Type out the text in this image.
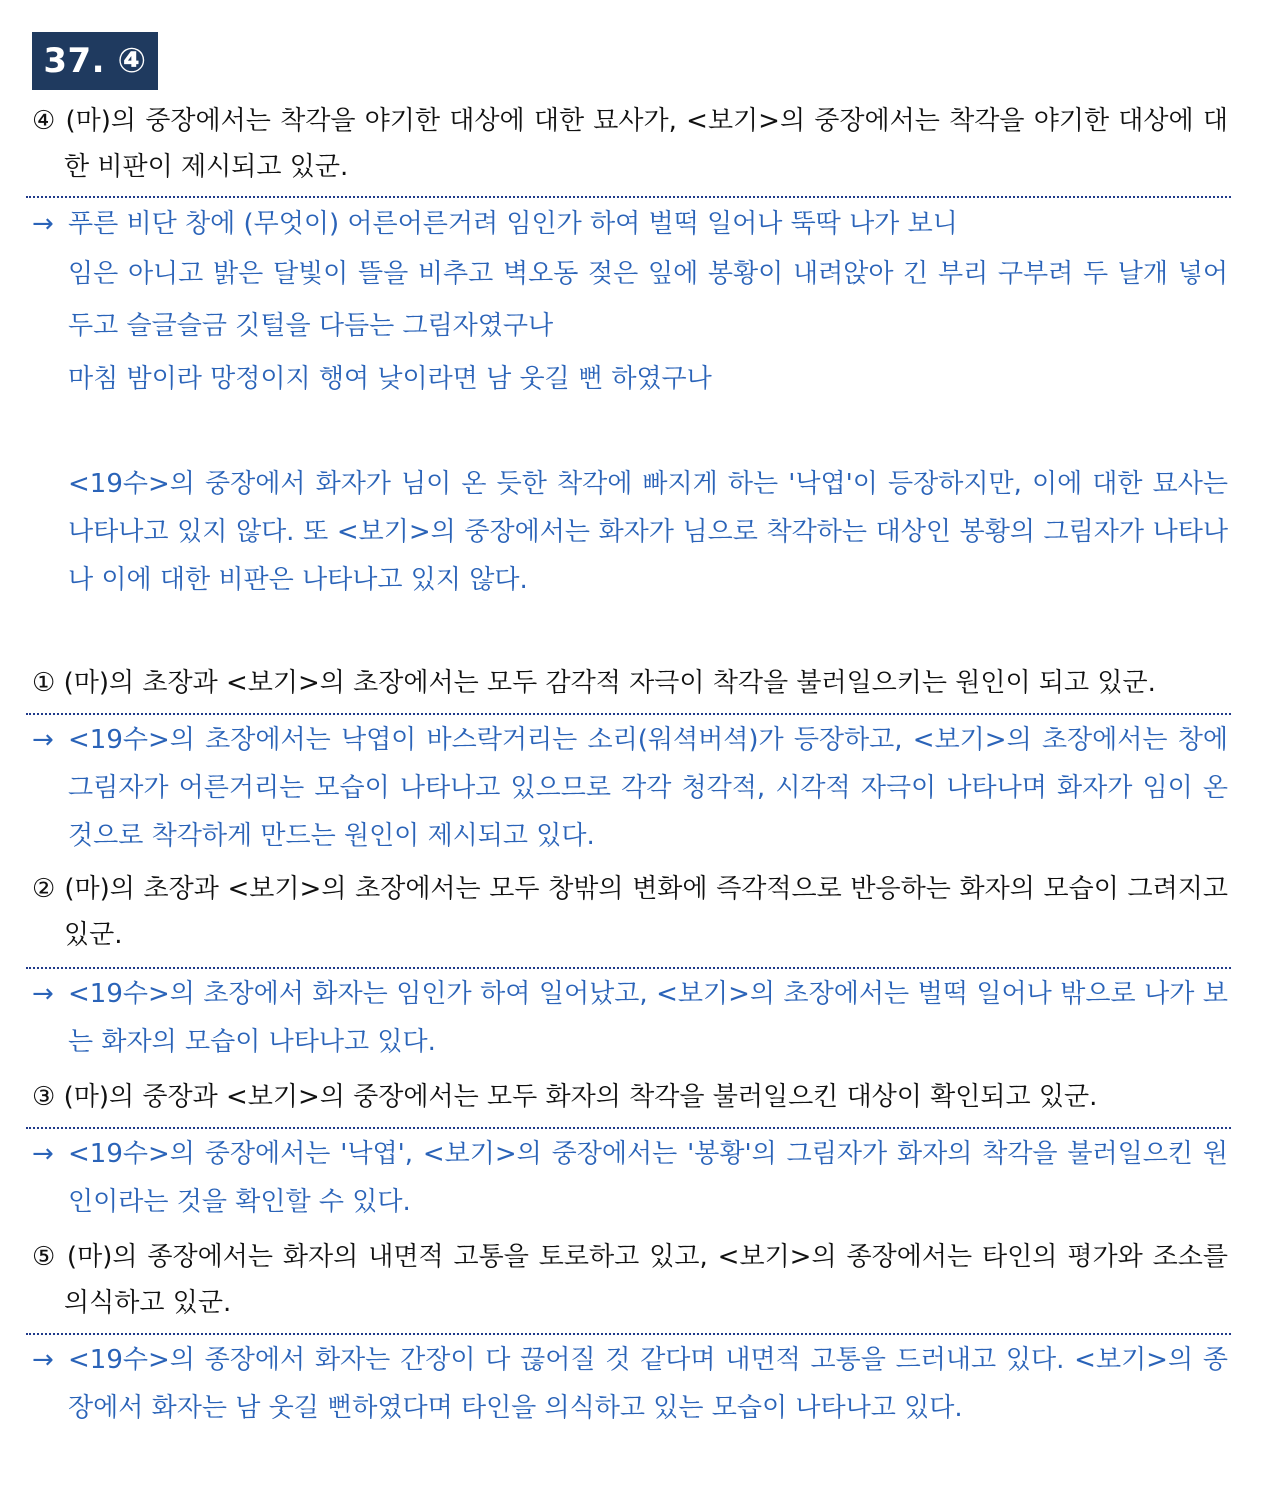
37. ④
④ (마)의 중장에서는 착각을 야기한 대상에 대한 묘사가, <보기>의 중장에서는 착각을 야기한 대상에 대한 비판이 제시되고 있군.
→ 푸른 비단 창에 (무엇이) 어른어른거려 임인가 하여 벌떡 일어나 뚝딱 나가 보니
임은 아니고 밝은 달빛이 뜰을 비추고 벽오동 젖은 잎에 봉황이 내려앉아 긴 부리 구부려 두 날개 넣어 두고 슬글슬금 깃털을 다듬는 그림자였구나
마침 밤이라 망정이지 행여 낮이라면 남 웃길 뻔 하였구나
<19수>의 중장에서 화자가 님이 온 듯한 착각에 빠지게 하는 '낙엽'이 등장하지만, 이에 대한 묘사는 나타나고 있지 않다. 또 <보기>의 중장에서는 화자가 님으로 착각하는 대상인 봉황의 그림자가 나타나나 이에 대한 비판은 나타나고 있지 않다.
① (마)의 초장과 <보기>의 초장에서는 모두 감각적 자극이 착각을 불러일으키는 원인이 되고 있군.
→ <19수>의 초장에서는 낙엽이 바스락거리는 소리(워셕버셕)가 등장하고, <보기>의 초장에서는 창에 그림자가 어른거리는 모습이 나타나고 있으므로 각각 청각적, 시각적 자극이 나타나며 화자가 임이 온 것으로 착각하게 만드는 원인이 제시되고 있다.
② (마)의 초장과 <보기>의 초장에서는 모두 창밖의 변화에 즉각적으로 반응하는 화자의 모습이 그려지고 있군.
→ <19수>의 초장에서 화자는 임인가 하여 일어났고, <보기>의 초장에서는 벌떡 일어나 밖으로 나가 보는 화자의 모습이 나타나고 있다.
③ (마)의 중장과 <보기>의 중장에서는 모두 화자의 착각을 불러일으킨 대상이 확인되고 있군.
→ <19수>의 중장에서는 '낙엽', <보기>의 중장에서는 '봉황'의 그림자가 화자의 착각을 불러일으킨 원인이라는 것을 확인할 수 있다.
⑤ (마)의 종장에서는 화자의 내면적 고통을 토로하고 있고, <보기>의 종장에서는 타인의 평가와 조소를 의식하고 있군.
→ <19수>의 종장에서 화자는 간장이 다 끊어질 것 같다며 내면적 고통을 드러내고 있다. <보기>의 종장에서 화자는 남 웃길 뻔하였다며 타인을 의식하고 있는 모습이 나타나고 있다.
